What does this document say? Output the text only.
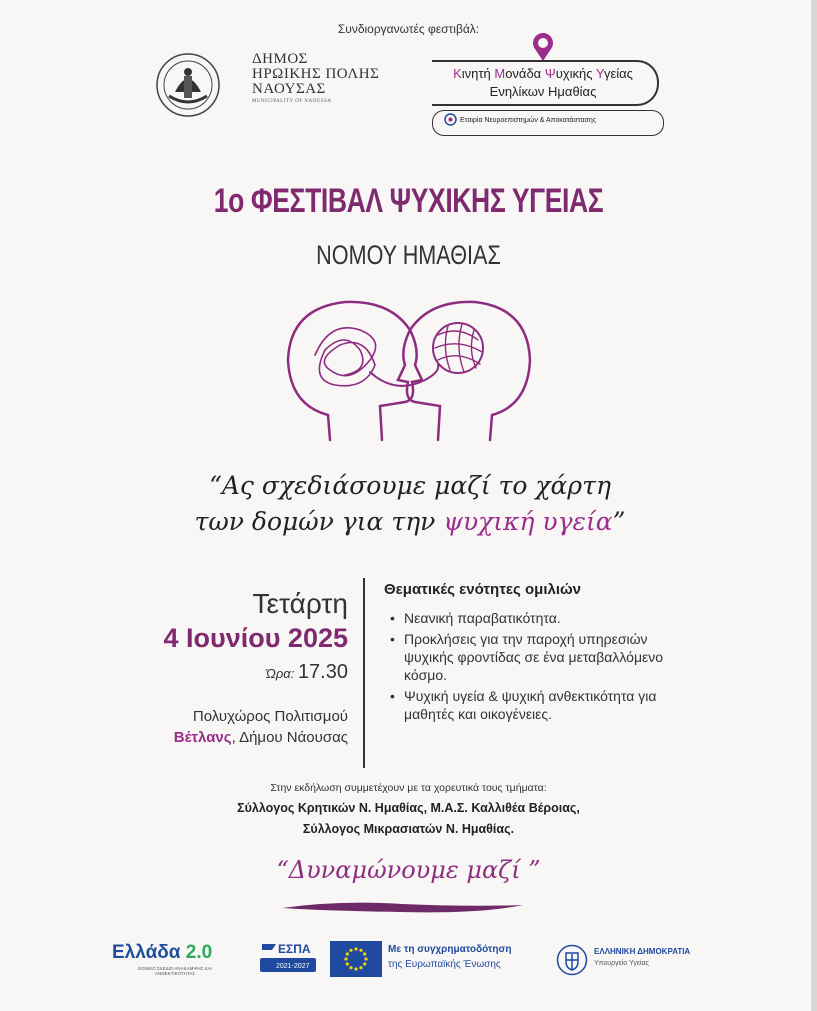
Συνδιοργανωτές φεστιβάλ:
ΔΗΜΟΣ
ΗΡΩΙΚΗΣ ΠΟΛΗΣ
ΝΑΟΥΣΑΣ
MUNICIPALITY OF NAOUSSA
Κινητή Μονάδα Ψυχικής Υγείας
Ενηλίκων Ημαθίας
Εταιρία Νευροεπιστημών & Αποκατάστασης
1ο ΦΕΣΤΙΒΑΛ ΨΥΧΙΚΗΣ ΥΓΕΙΑΣ
ΝΟΜΟΥ ΗΜΑΘΙΑΣ
“Ας σχεδιάσουμε μαζί το χάρτη
των δομών για την ψυχική υγεία”
Τετάρτη
4 Ιουνίου 2025
Ώρα: 17.30
Πολυχώρος Πολιτισμού
Βέτλανς, Δήμου Νάουσας
Θεματικές ενότητες ομιλιών
• Νεανική παραβατικότητα.
• Προκλήσεις για την παροχή υπηρεσιών ψυχικής φροντίδας σε ένα μεταβαλλόμενο κόσμο.
• Ψυχική υγεία & ψυχική ανθεκτικότητα για μαθητές και οικογένειες.
Στην εκδήλωση συμμετέχουν με τα χορευτικά τους τμήματα:
Σύλλογος Κρητικών Ν. Ημαθίας, Μ.Α.Σ. Καλλιθέα Βέροιας,
Σύλλογος Μικρασιατών Ν. Ημαθίας.
“Δυναμώνουμε μαζί ”
Ελλάδα 2.0
ΕΘΝΙΚΟ ΣΧΕΔΙΟ ΑΝΑΚΑΜΨΗΣ ΚΑΙ ΑΝΘΕΚΤΙΚΟΤΗΤΑΣ
ΕΣΠΑ
2021-2027
Με τη συγχρηματοδότηση
της Ευρωπαϊκής Ένωσης
ΕΛΛΗΝΙΚΗ ΔΗΜΟΚΡΑΤΙΑ
Υπουργείο Υγείας
